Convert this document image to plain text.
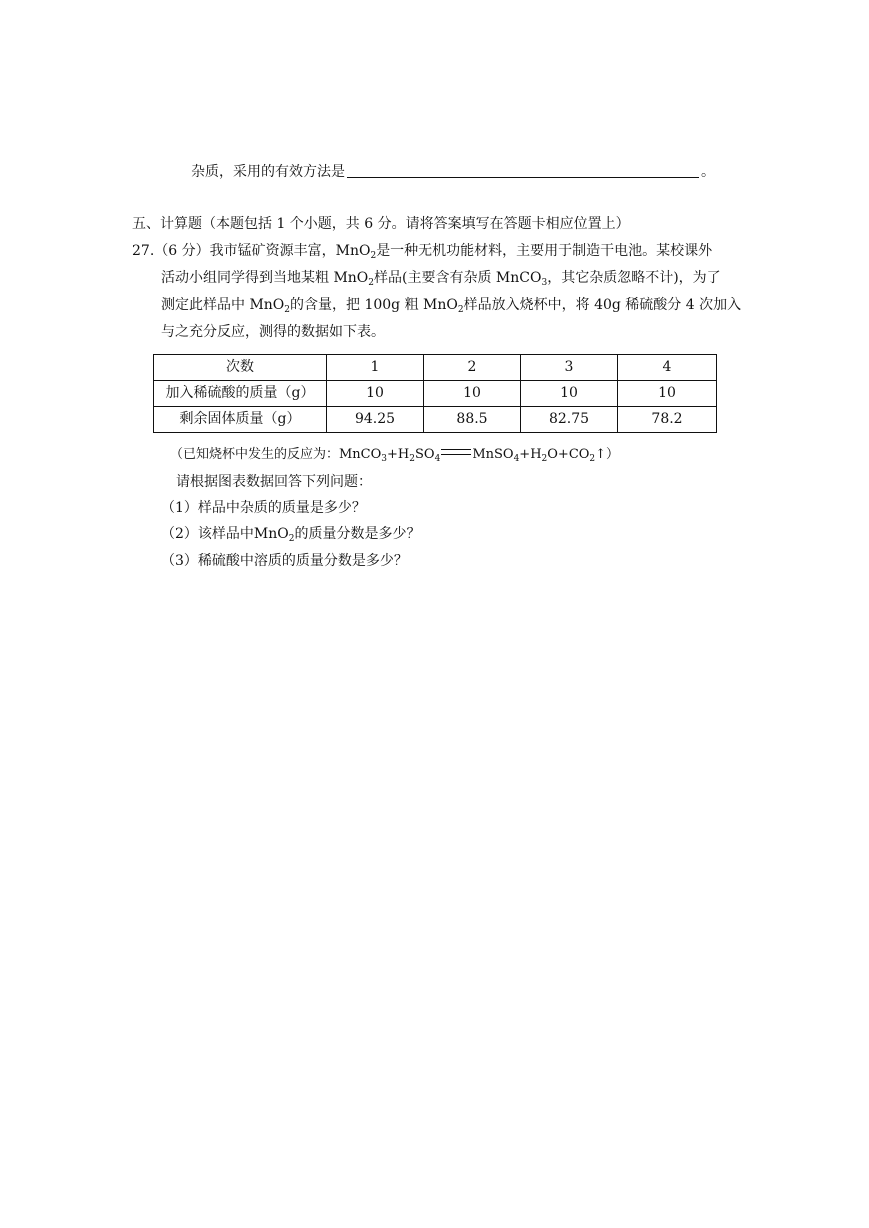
杂质，采用的有效方法是	。
五、计算题（本题包括 1 个小题，共 6 分。请将答案填写在答题卡相应位置上）
27.（6 分）我市锰矿资源丰富，MnO$_2$是一种无机功能材料，主要用于制造干电池。某校课外
活动小组同学得到当地某粗 MnO$_2$样品(主要含有杂质 MnCO$_3$，其它杂质忽略不计)，为了
测定此样品中 MnO$_2$的含量，把 100g 粗 MnO$_2$样品放入烧杯中，将 40g 稀硫酸分 4 次加入
与之充分反应，测得的数据如下表。
次数	1	2	3	4
加入稀硫酸的质量（g）	10	10	10	10
剩余固体质量（g）	94.25	88.5	82.75	78.2
（已知烧杯中发生的反应为：$MnCO_3+H_2SO_4$ $MnSO_4+H_2O+CO_2↑$）
请根据图表数据回答下列问题：
（1）样品中杂质的质量是多少？
（2）该样品中MnO$_2$的质量分数是多少？
（3）稀硫酸中溶质的质量分数是多少？
